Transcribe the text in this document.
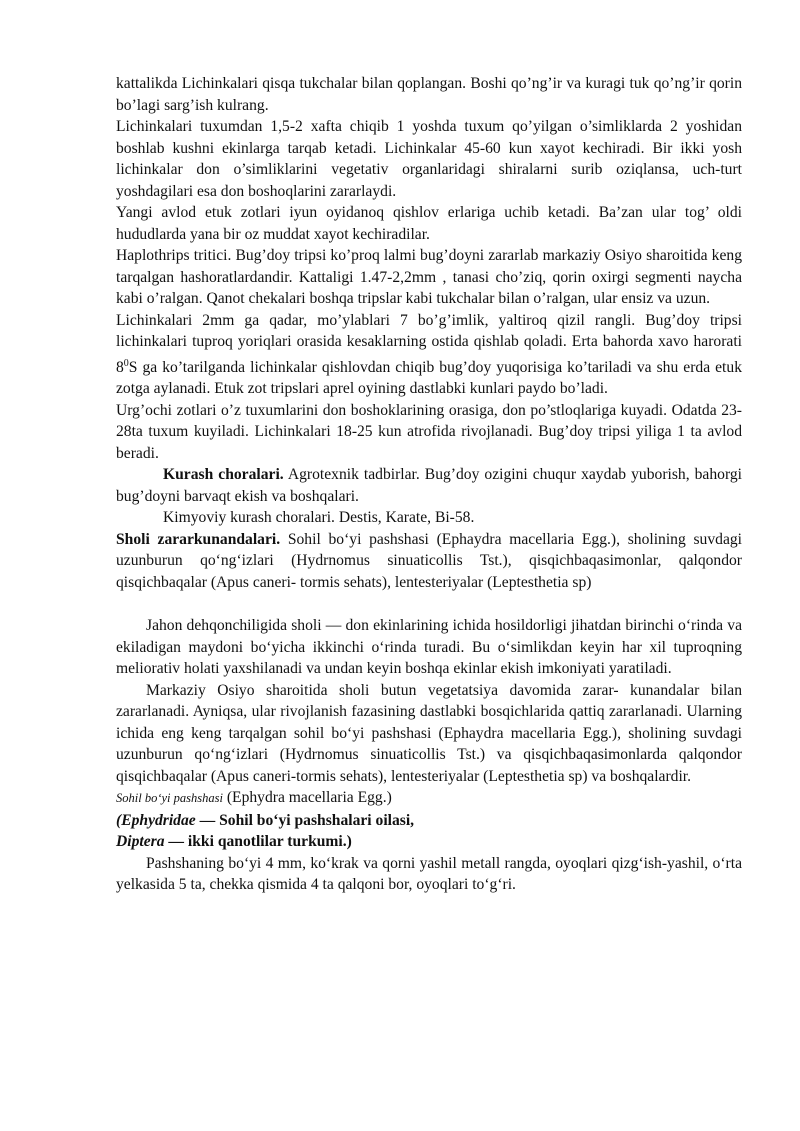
kattalikda Lichinkalari qisqa tukchalar bilan qoplangan. Boshi qo’ng’ir va kuragi tuk qo’ng’ir qorin bo’lagi sarg’ish kulrang.

Lichinkalari tuxumdan 1,5-2 xafta chiqib 1 yoshda tuxum qo’yilgan o’simliklarda 2 yoshidan boshlab kushni ekinlarga tarqab ketadi. Lichinkalar 45-60 kun xayot kechiradi. Bir ikki yosh lichinkalar don o’simliklarini vegetativ organlaridagi shiralarni surib oziqlansa, uch-turt yoshdagilari esa don boshoqlarini zararlaydi.

Yangi avlod etuk zotlari iyun oyidanoq qishlov erlariga uchib ketadi. Ba’zan ular tog’ oldi hududlarda yana bir oz muddat xayot kechiradilar.

Haplothrips tritici. Bug’doy tripsi ko’proq lalmi bug’doyni zararlab markaziy Osiyo sharoitida keng tarqalgan hashoratlardandir. Kattaligi 1.47-2,2mm , tanasi cho’ziq, qorin oxirgi segmenti naycha kabi o’ralgan. Qanot chekalari boshqa tripslar kabi tukchalar bilan o’ralgan, ular ensiz va uzun.

Lichinkalari 2mm ga qadar, mo’ylablari 7 bo’g’imlik, yaltiroq qizil rangli. Bug’doy tripsi lichinkalari tuproq yoriqlari orasida kesaklarning ostida qishlab qoladi. Erta bahorda xavo harorati $8^0S$ ga ko’tarilganda lichinkalar qishlovdan chiqib bug’doy yuqorisiga ko’tariladi va shu erda etuk zotga aylanadi. Etuk zot tripslari aprel oyining dastlabki kunlari paydo bo’ladi.

Urg’ochi zotlari o’z tuxumlarini don boshoklarining orasiga, don po’stloqlariga kuyadi. Odatda 23-28ta tuxum kuyiladi. Lichinkalari 18-25 kun atrofida rivojlanadi. Bug’doy tripsi yiliga 1 ta avlod beradi.

Kurash choralari. Agrotexnik tadbirlar. Bug’doy ozigini chuqur xaydab yuborish, bahorgi bug’doyni barvaqt ekish va boshqalari.

Kimyoviy kurash choralari. Destis, Karate, Bi-58.

Sholi zararkunandalari. Sohil bo‘yi pashshasi (Ephaydra macellaria Egg.), sholining suvdagi uzunburun qo‘ng‘izlari (Hydrnomus sinuaticollis Tst.), qisqichbaqasimonlar, qalqondor qisqichbaqalar (Apus caneri- tormis sehats), lentesteriyalar (Leptesthetia sp)

Jahon dehqonchiligida sholi — don ekinlarining ichida hosildorligi jihatdan birinchi o‘rinda va ekiladigan maydoni bo‘yicha ikkinchi o‘rinda turadi. Bu o‘simlikdan keyin har xil tuproqning meliorativ holati yaxshilanadi va undan keyin boshqa ekinlar ekish imkoniyati yaratiladi.

Markaziy Osiyo sharoitida sholi butun vegetatsiya davomida zarar- kunandalar bilan zararlanadi. Ayniqsa, ular rivojlanish fazasining dastlabki bosqichlarida qattiq zararlanadi. Ularning ichida eng keng tarqalgan sohil bo‘yi pashshasi (Ephaydra macellaria Egg.), sholining suvdagi uzunburun qo‘ng‘izlari (Hydrnomus sinuaticollis Tst.) va qisqichbaqasimonlarda qalqondor qisqichbaqalar (Apus caneri-tormis sehats), lentesteriyalar (Leptesthetia sp) va boshqalardir.

Sohil bo‘yi pashshasi (Ephydra macellaria Egg.)

(Ephydridae — Sohil bo‘yi pashshalari oilasi,

Diptera — ikki qanotlilar turkumi.)

Pashshaning bo‘yi 4 mm, ko‘krak va qorni yashil metall rangda, oyoqlari qizg‘ish-yashil, o‘rta yelkasida 5 ta, chekka qismida 4 ta qalqoni bor, oyoqlari to‘g‘ri.
